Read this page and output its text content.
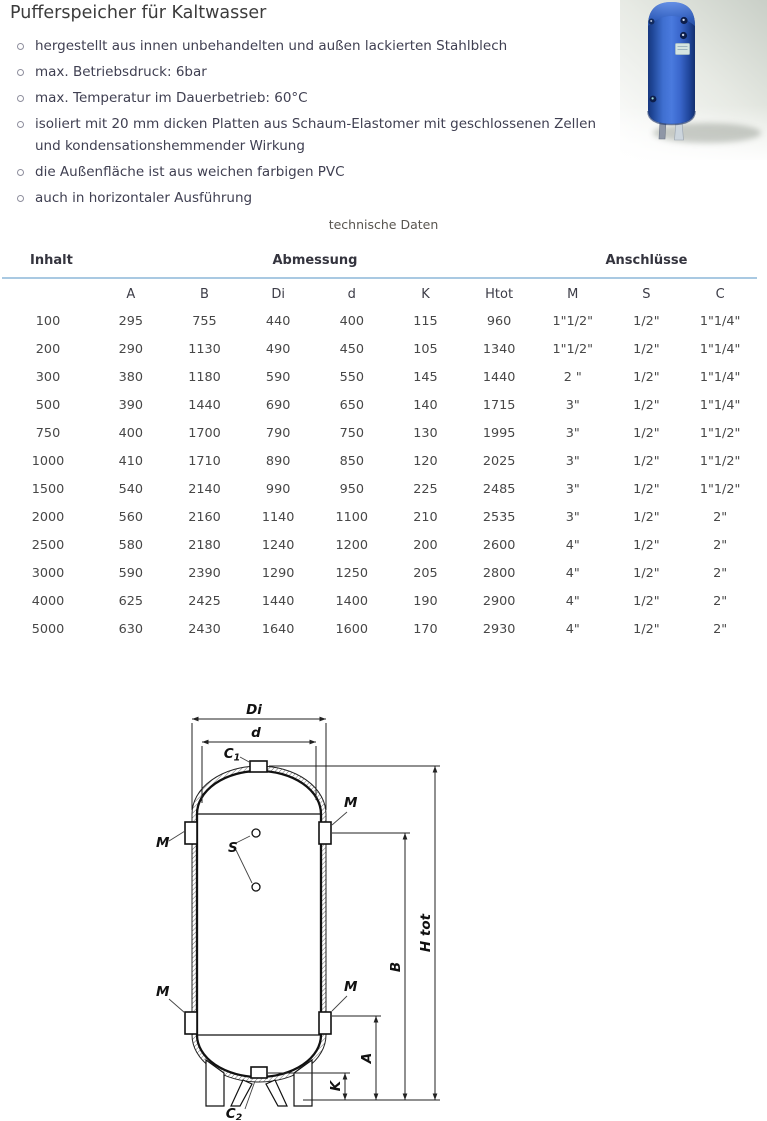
Pufferspeicher für Kaltwasser
hergestellt aus innen unbehandelten und außen lackierten Stahlblech
max. Betriebsdruck: 6bar
max. Temperatur im Dauerbetrieb: 60°C
isoliert mit 20 mm dicken Platten aus Schaum-Elastomer mit geschlossenen Zellen und kondensationshemmender Wirkung
die Außenfläche ist aus weichen farbigen PVC
auch in horizontaler Ausführung
technische Daten
Inhalt	Abmessung						Anschlüsse		
	A	B	Di	d	K	Htot	M	S	C
100	295	755	440	400	115	960	1"1/2"	1/2"	1"1/4"
200	290	1130	490	450	105	1340	1"1/2"	1/2"	1"1/4"
300	380	1180	590	550	145	1440	2 "	1/2"	1"1/4"
500	390	1440	690	650	140	1715	3"	1/2"	1"1/4"
750	400	1700	790	750	130	1995	3"	1/2"	1"1/2"
1000	410	1710	890	850	120	2025	3"	1/2"	1"1/2"
1500	540	2140	990	950	225	2485	3"	1/2"	1"1/2"
2000	560	2160	1140	1100	210	2535	3"	1/2"	2"
2500	580	2180	1240	1200	200	2600	4"	1/2"	2"
3000	590	2390	1290	1250	205	2800	4"	1/2"	2"
4000	625	2425	1440	1400	190	2900	4"	1/2"	2"
5000	630	2430	1640	1600	170	2930	4"	1/2"	2"
Di
d
C1
C2
M
M
M	M
S
K
A
B
H tot
